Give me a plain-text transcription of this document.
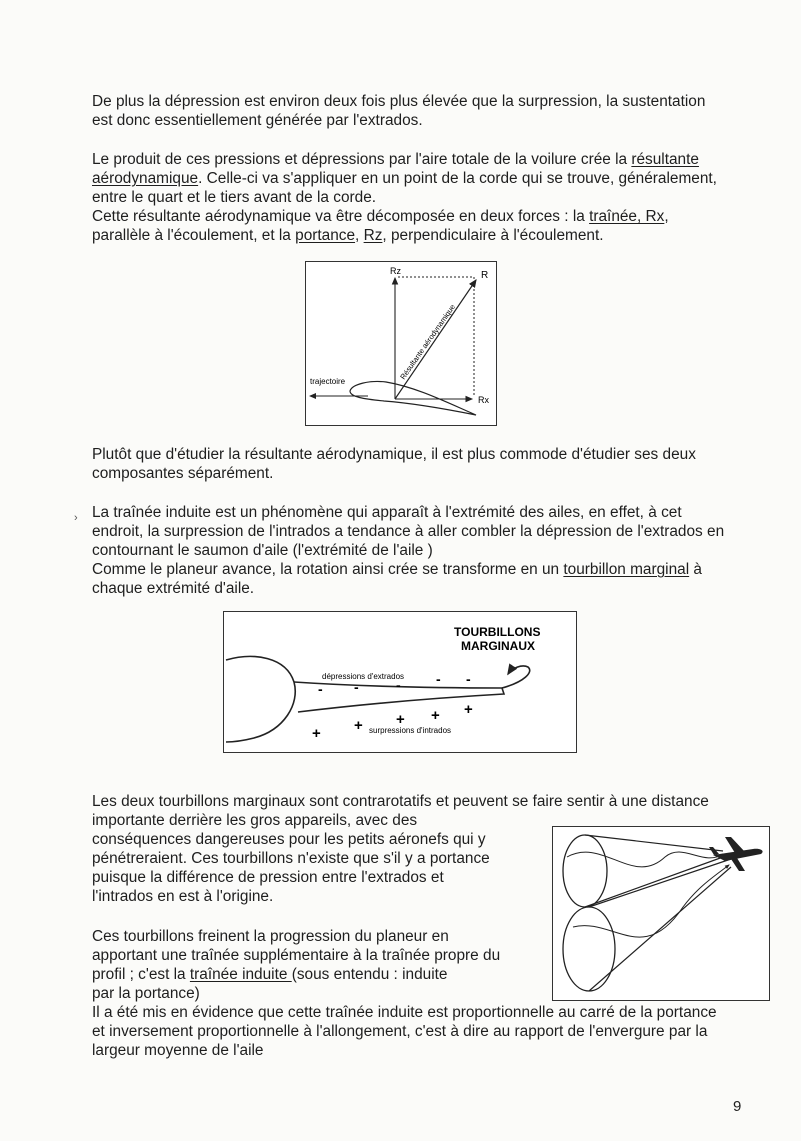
De plus la dépression est environ deux fois plus élevée que la surpression, la sustentation
est donc essentiellement générée par l'extrados.

Le produit de ces pressions et dépressions par l'aire totale de la voilure crée la résultante
aérodynamique. Celle-ci va s'appliquer en un point de la corde qui se trouve, généralement,
entre le quart et le tiers avant de la corde.
Cette résultante aérodynamique va être décomposée en deux forces : la traînée, Rx,
parallèle à l'écoulement, et la portance, Rz, perpendiculaire à l'écoulement.

Rz	R
Rx
trajectoire
Résultante aérodynamique

Plutôt que d'étudier la résultante aérodynamique, il est plus commode d'étudier ses deux
composantes séparément.

› La traînée induite est un phénomène qui apparaît à l'extrémité des ailes, en effet, à cet
endroit, la surpression de l'intrados a tendance à aller combler la dépression de l'extrados en
contournant le saumon d'aile (l'extrémité de l'aile )
Comme le planeur avance, la rotation ainsi crée se transforme en un tourbillon marginal à
chaque extrémité d'aile.

TOURBILLONS
MARGINAUX
dépressions d'extrados
surpressions d'intrados
- -	-	- -
+ + + + +

Les deux tourbillons marginaux sont contrarotatifs et peuvent se faire sentir à une distance
importante derrière les gros appareils, avec des
conséquences dangereuses pour les petits aéronefs qui y
pénétreraient. Ces tourbillons n'existe que s'il y a portance
puisque la différence de pression entre l'extrados et
l'intrados en est à l'origine.

Ces tourbillons freinent la progression du planeur en
apportant une traînée supplémentaire à la traînée propre du
profil ; c'est la traînée induite (sous entendu : induite
par la portance)
Il a été mis en évidence que cette traînée induite est proportionnelle au carré de la portance
et inversement proportionnelle à l'allongement, c'est à dire au rapport de l'envergure par la
largeur moyenne de l'aile

9
